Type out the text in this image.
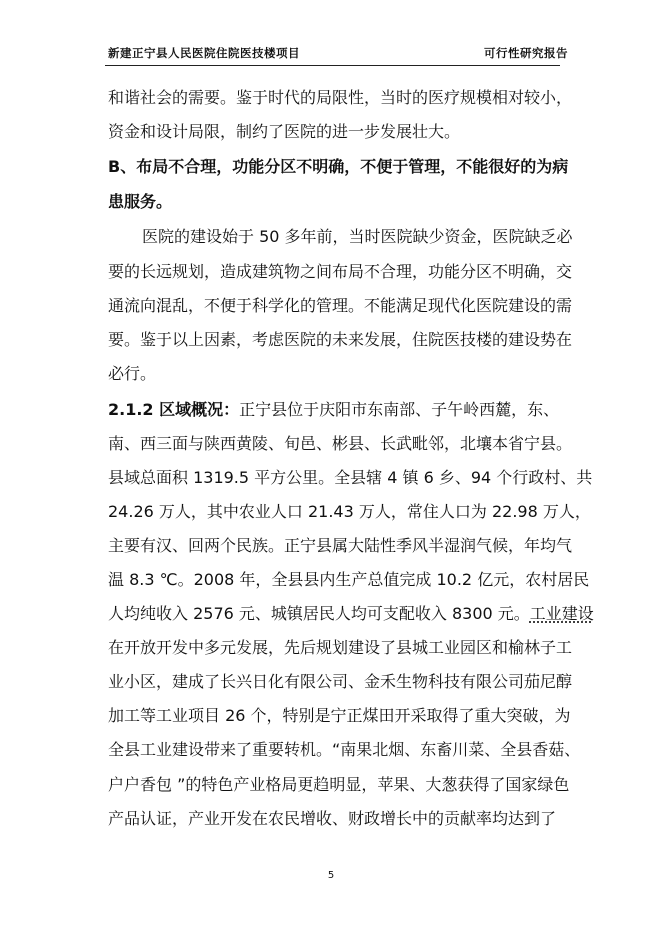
新建正宁县人民医院住院医技楼项目	可行性研究报告
和谐社会的需要。鉴于时代的局限性，当时的医疗规模相对较小，
资金和设计局限，制约了医院的进一步发展壮大。
B、布局不合理，功能分区不明确，不便于管理，不能很好的为病
患服务。
医院的建设始于 50 多年前，当时医院缺少资金，医院缺乏必
要的长远规划，造成建筑物之间布局不合理，功能分区不明确，交
通流向混乱，不便于科学化的管理。不能满足现代化医院建设的需
要。鉴于以上因素，考虑医院的未来发展，住院医技楼的建设势在
必行。
2.1.2 区域概况：正宁县位于庆阳市东南部、子午岭西麓，东、
南、西三面与陕西黄陵、旬邑、彬县、长武毗邻，北壤本省宁县。
县域总面积 1319.5 平方公里。全县辖 4 镇 6 乡、94 个行政村、共
24.26 万人，其中农业人口 21.43 万人，常住人口为 22.98 万人，
主要有汉、回两个民族。正宁县属大陆性季风半湿润气候，年均气
温 8.3 ℃。2008 年，全县县内生产总值完成 10.2 亿元，农村居民
人均纯收入 2576 元、城镇居民人均可支配收入 8300 元。工业建设
在开放开发中多元发展，先后规划建设了县城工业园区和榆林子工
业小区，建成了长兴日化有限公司、金禾生物科技有限公司茄尼醇
加工等工业项目 26 个，特别是宁正煤田开采取得了重大突破，为
全县工业建设带来了重要转机。“南果北烟、东畜川菜、全县香菇、
户户香包 ”的特色产业格局更趋明显，苹果、大葱获得了国家绿色
产品认证，产业开发在农民增收、财政增长中的贡献率均达到了
5
